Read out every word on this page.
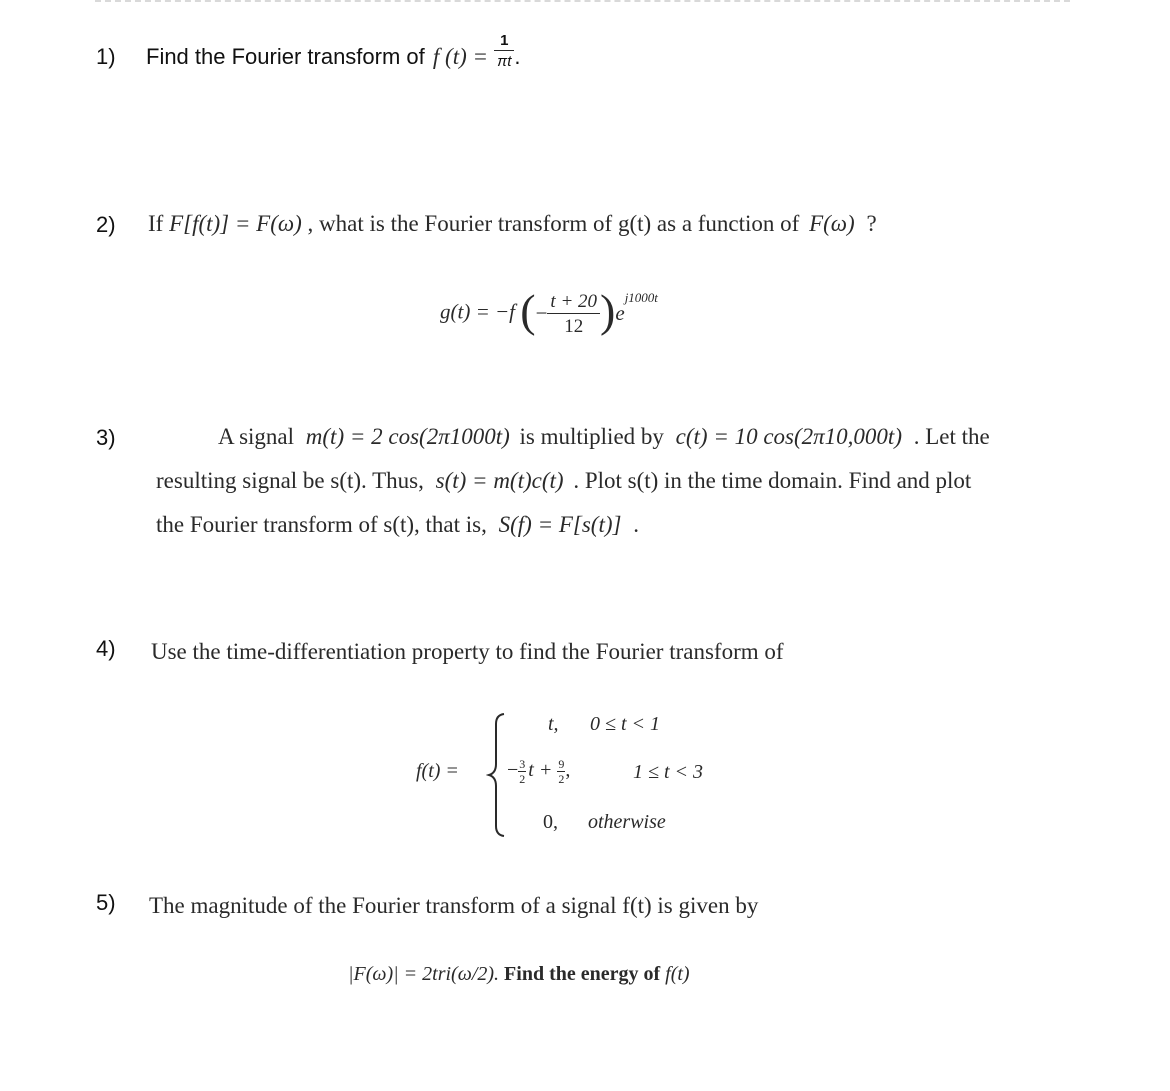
1) Find the Fourier transform of f $(t) = \frac{1}{\pi t}$ .
2) If F[f(t)] = F(ω) , what is the Fourier transform of g(t) as a function of F(ω) ?
g(t) = −f (− $\frac{t + 20}{12} )e^{j1000t}$
3)	A signal m(t) = 2 cos(2π1000t) is multiplied by c(t) = 10 cos(2π10,000t) . Let the
resulting signal be s(t). Thus, s(t) = m(t)c(t) . Plot s(t) in the time domain. Find and plot
the Fourier transform of s(t), that is, S(f) = F[s(t)] .
4) Use the time-differentiation property to find the Fourier transform of
f(t) =
t, 0 ≤ t < 1
− $\frac{3}{2}$ $t + \frac{9}{2}$ ,	1 ≤ t < 3
0, otherwise
5) The magnitude of the Fourier transform of a signal f(t) is given by
|F(ω)| = 2tri(ω/2). Find the energy of f(t)
